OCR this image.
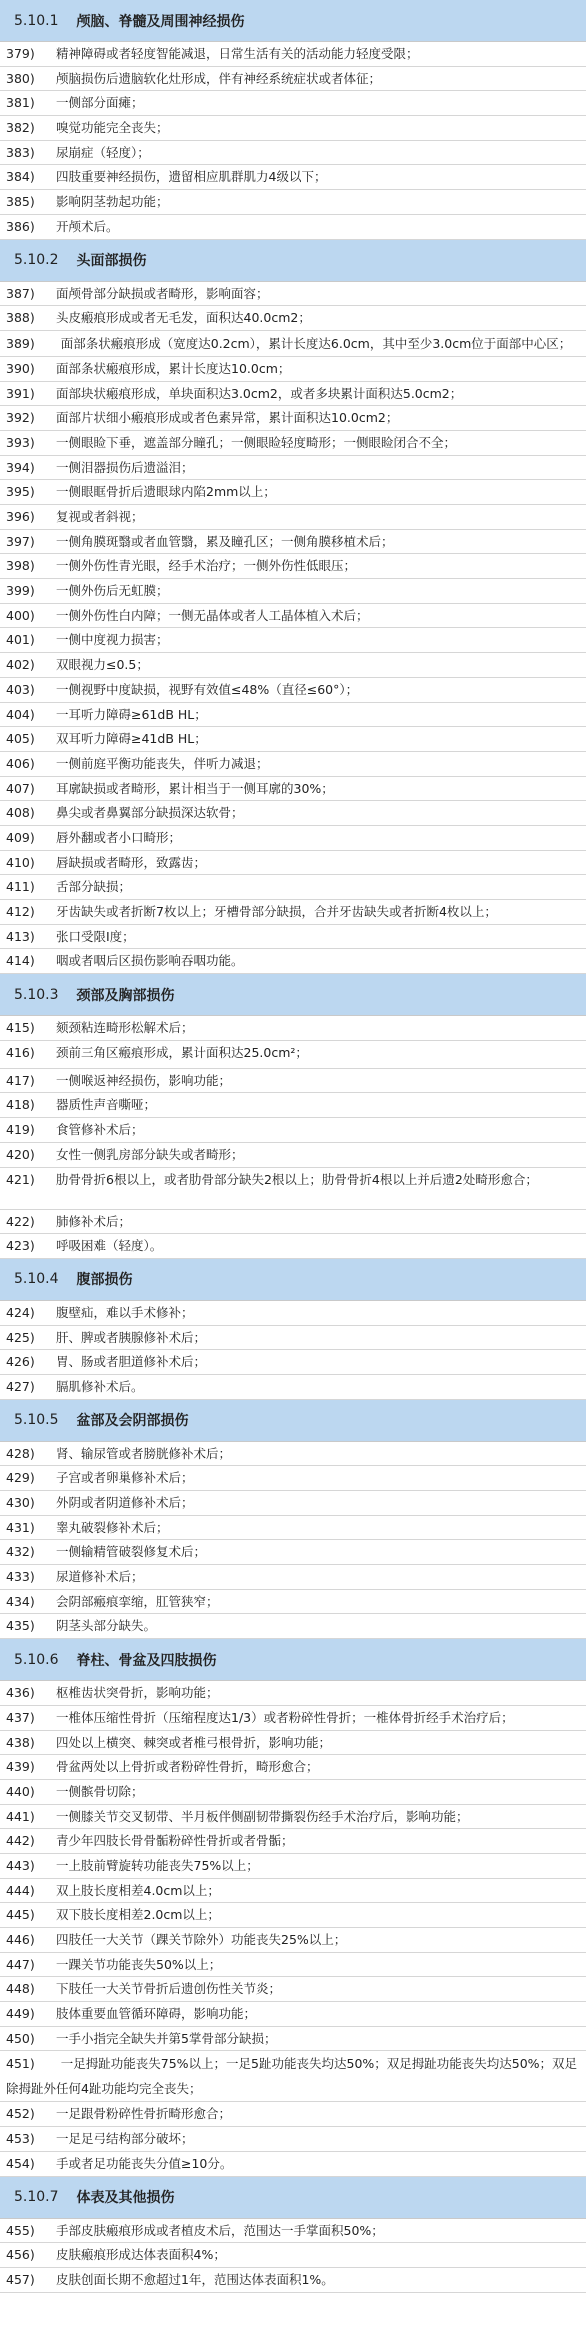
5.10.1 颅脑、脊髓及周围神经损伤
379)	精神障碍或者轻度智能减退，日常生活有关的活动能力轻度受限；
380)	颅脑损伤后遗脑软化灶形成，伴有神经系统症状或者体征；
381)	一侧部分面瘫；
382)	嗅觉功能完全丧失；
383)	尿崩症（轻度）；
384)	四肢重要神经损伤，遗留相应肌群肌力4级以下；
385)	影响阴茎勃起功能；
386)	开颅术后。
5.10.2 头面部损伤
387)	面颅骨部分缺损或者畸形，影响面容；
388)	头皮瘢痕形成或者无毛发，面积达40.0cm2；
389) 面部条状瘢痕形成（宽度达0.2cm），累计长度达6.0cm，其中至少3.0cm位于面部中心区；
390)	面部条状瘢痕形成，累计长度达10.0cm；
391)	面部块状瘢痕形成，单块面积达3.0cm2，或者多块累计面积达5.0cm2；
392)	面部片状细小瘢痕形成或者色素异常，累计面积达10.0cm2；
393)	一侧眼睑下垂，遮盖部分瞳孔；一侧眼睑轻度畸形；一侧眼睑闭合不全；
394)	一侧泪器损伤后遗溢泪；
395)	一侧眼眶骨折后遗眼球内陷2mm以上；
396)	复视或者斜视；
397)	一侧角膜斑翳或者血管翳，累及瞳孔区；一侧角膜移植术后；
398)	一侧外伤性青光眼，经手术治疗；一侧外伤性低眼压；
399)	一侧外伤后无虹膜；
400)	一侧外伤性白内障；一侧无晶体或者人工晶体植入术后；
401)	一侧中度视力损害；
402)	双眼视力≤0.5；
403)	一侧视野中度缺损，视野有效值≤48%（直径≤60°）；
404)	一耳听力障碍≥61dB HL；
405)	双耳听力障碍≥41dB HL；
406)	一侧前庭平衡功能丧失，伴听力减退；
407)	耳廓缺损或者畸形，累计相当于一侧耳廓的30%；
408)	鼻尖或者鼻翼部分缺损深达软骨；
409)	唇外翻或者小口畸形；
410)	唇缺损或者畸形，致露齿；
411)	舌部分缺损；
412)	牙齿缺失或者折断7枚以上；牙槽骨部分缺损，合并牙齿缺失或者折断4枚以上；
413)	张口受限Ⅰ度；
414)	咽或者咽后区损伤影响吞咽功能。
5.10.3 颈部及胸部损伤
415)	颏颈粘连畸形松解术后；
416)	颈前三角区瘢痕形成，累计面积达25.0cm²；
417)	一侧喉返神经损伤，影响功能；
418)	器质性声音嘶哑；
419)	食管修补术后；
420)	女性一侧乳房部分缺失或者畸形；
421)	肋骨骨折6根以上，或者肋骨部分缺失2根以上；肋骨骨折4根以上并后遗2处畸形愈合；
422)	肺修补术后；
423)	呼吸困难（轻度）。
5.10.4 腹部损伤
424)	腹壁疝，难以手术修补；
425)	肝、脾或者胰腺修补术后；
426)	胃、肠或者胆道修补术后；
427)	膈肌修补术后。
5.10.5 盆部及会阴部损伤
428)	肾、输尿管或者膀胱修补术后；
429)	子宫或者卵巢修补术后；
430)	外阴或者阴道修补术后；
431)	睾丸破裂修补术后；
432)	一侧输精管破裂修复术后；
433)	尿道修补术后；
434)	会阴部瘢痕挛缩，肛管狭窄；
435)	阴茎头部分缺失。
5.10.6 脊柱、骨盆及四肢损伤
436)	枢椎齿状突骨折，影响功能；
437)	一椎体压缩性骨折（压缩程度达1/3）或者粉碎性骨折；一椎体骨折经手术治疗后；
438)	四处以上横突、棘突或者椎弓根骨折，影响功能；
439)	骨盆两处以上骨折或者粉碎性骨折，畸形愈合；
440)	一侧髌骨切除；
441)	一侧膝关节交叉韧带、半月板伴侧副韧带撕裂伤经手术治疗后，影响功能；
442)	青少年四肢长骨骨骺粉碎性骨折或者骨骺；
443)	一上肢前臂旋转功能丧失75%以上；
444)	双上肢长度相差4.0cm以上；
445)	双下肢长度相差2.0cm以上；
446)	四肢任一大关节（踝关节除外）功能丧失25%以上；
447)	一踝关节功能丧失50%以上；
448)	下肢任一大关节骨折后遗创伤性关节炎；
449)	肢体重要血管循环障碍，影响功能；
450)	一手小指完全缺失并第5掌骨部分缺损；
451) 一足拇趾功能丧失75%以上；一足5趾功能丧失均达50%；双足拇趾功能丧失均达50%；双足除拇趾外任何4趾功能均完全丧失；
452)	一足跟骨粉碎性骨折畸形愈合；
453)	一足足弓结构部分破坏；
454)	手或者足功能丧失分值≥10分。
5.10.7 体表及其他损伤
455)	手部皮肤瘢痕形成或者植皮术后，范围达一手掌面积50%；
456)	皮肤瘢痕形成达体表面积4%；
457)	皮肤创面长期不愈超过1年，范围达体表面积1%。
